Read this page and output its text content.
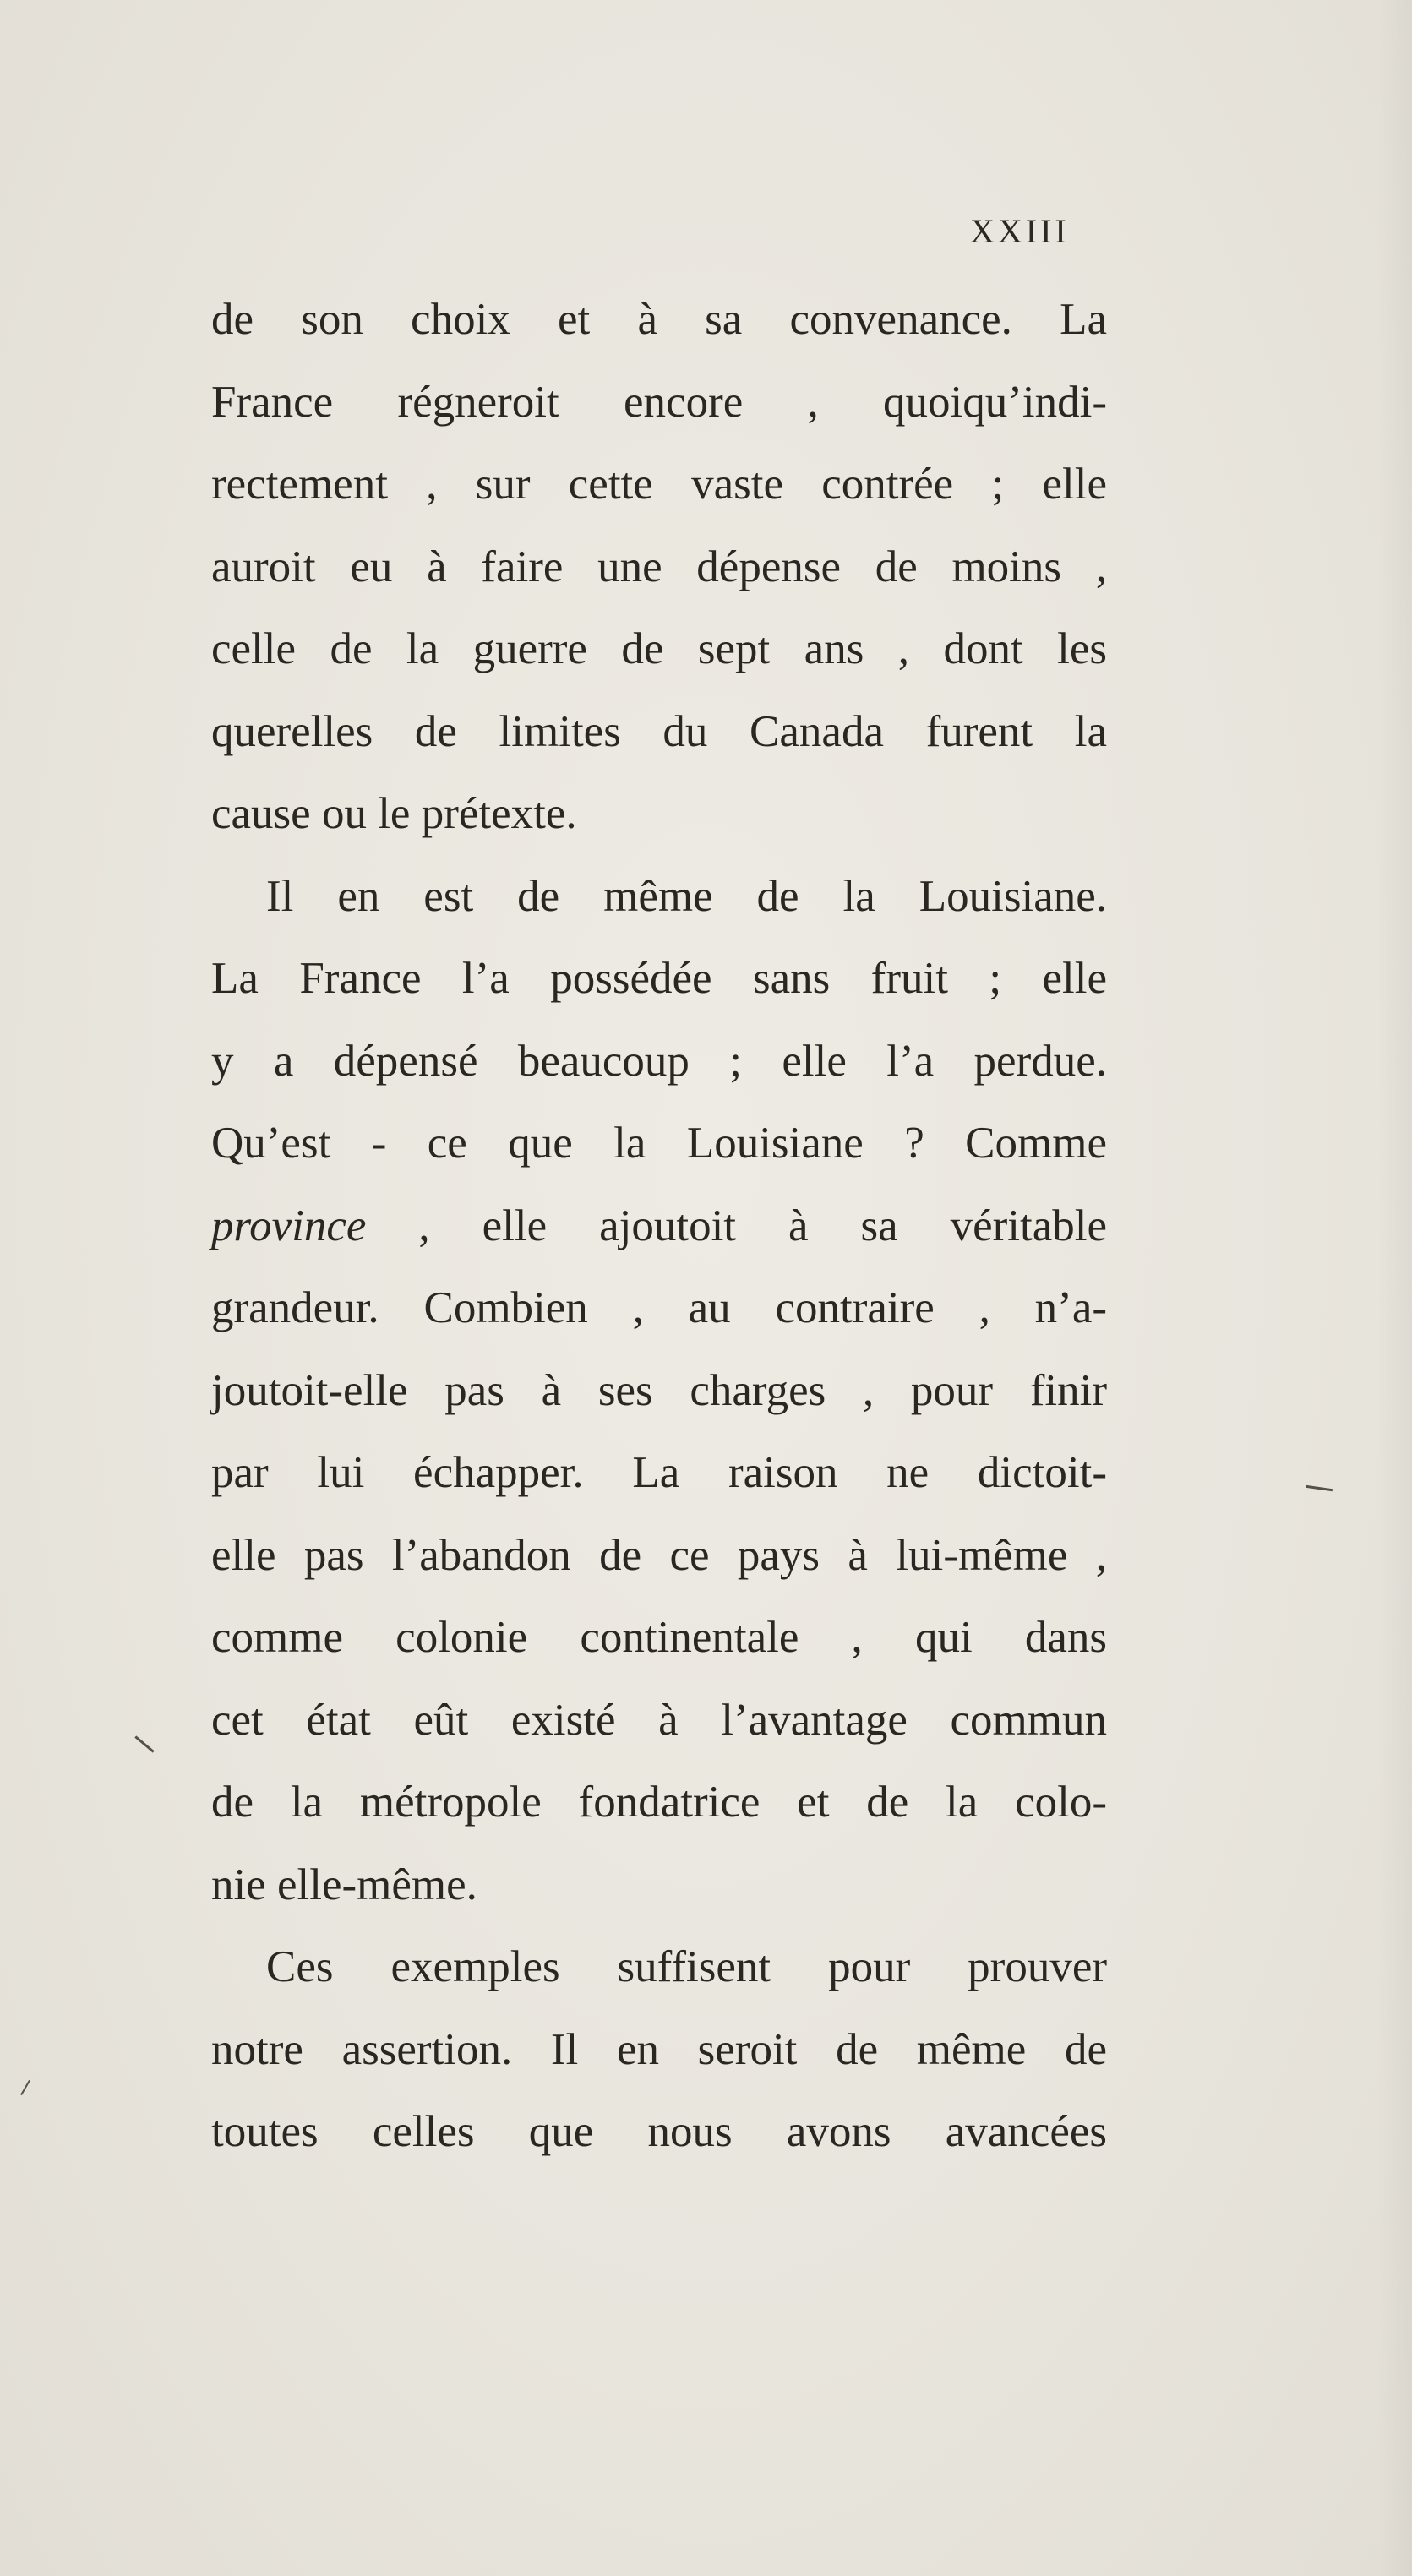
XXIII
de son choix et à sa convenance. La
France régneroit encore , quoiqu’indi-
rectement , sur cette vaste contrée ; elle
auroit eu à faire une dépense de moins ,
celle de la guerre de sept ans , dont les
querelles de limites du Canada furent la
cause ou le prétexte.
Il en est de même de la Louisiane.
La France l’a possédée sans fruit ; elle
y a dépensé beaucoup ; elle l’a perdue.
Qu’est - ce que la Louisiane ? Comme
province , elle ajoutoit à sa véritable
grandeur. Combien , au contraire , n’a-
joutoit-elle pas à ses charges , pour finir
par lui échapper. La raison ne dictoit-
elle pas l’abandon de ce pays à lui-même ,
comme colonie continentale , qui dans
cet état eût existé à l’avantage commun
de la métropole fondatrice et de la colo-
nie elle-même.
Ces exemples suffisent pour prouver
notre assertion. Il en seroit de même de
toutes celles que nous avons avancées
